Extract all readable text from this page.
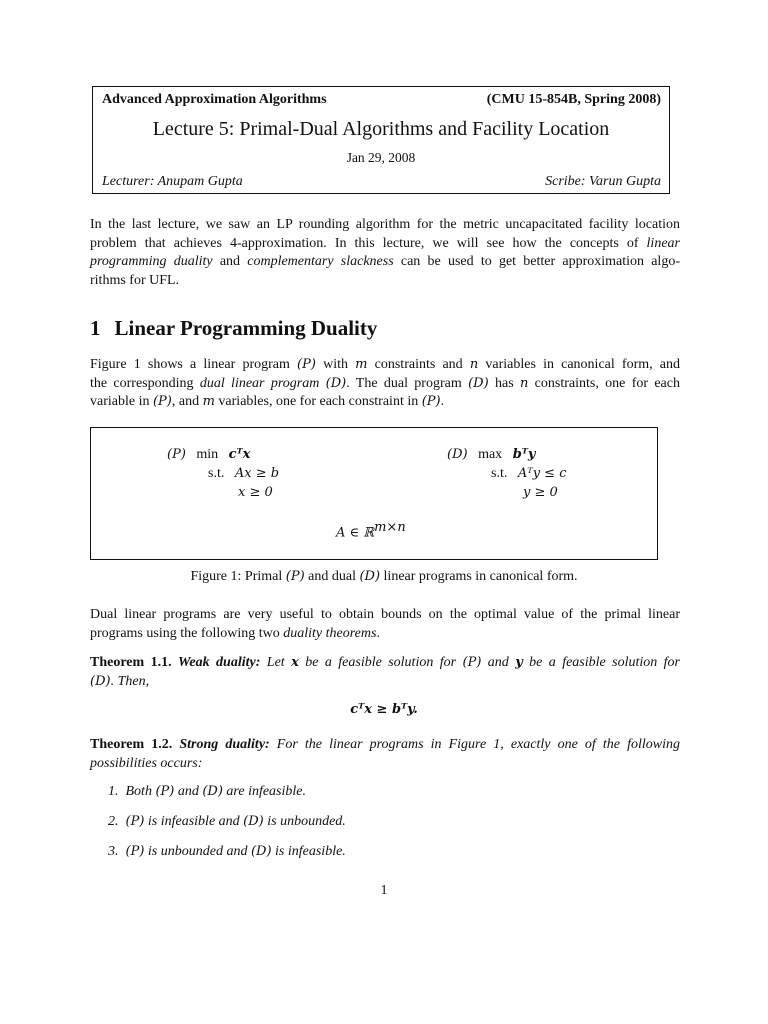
Advanced Approximation Algorithms	(CMU 15-854B, Spring 2008)
Lecture 5: Primal-Dual Algorithms and Facility Location
Jan 29, 2008
Lecturer: Anupam Gupta	Scribe: Varun Gupta
In the last lecture, we saw an LP rounding algorithm for the metric uncapacitated facility location
problem that achieves 4-approximation. In this lecture, we will see how the concepts of linear
programming duality and complementary slackness can be used to get better approximation algo-
rithms for UFL.
1 Linear Programming Duality
Figure 1 shows a linear program (P) with m constraints and n variables in canonical form, and
the corresponding dual linear program (D). The dual program (D) has n constraints, one for each
variable in (P), and m variables, one for each constraint in (P).
(P) min cᵀx
s.t. Ax ≥ b
x ≥ 0
(D) max bᵀy
s.t. Aᵀy ≤ c
y ≥ 0
A ∈ ℝ$^{m\times n}$
Figure 1: Primal (P) and dual (D) linear programs in canonical form.
Dual linear programs are very useful to obtain bounds on the optimal value of the primal linear
programs using the following two duality theorems.
Theorem 1.1. Weak duality: Let x be a feasible solution for (P) and y be a feasible solution for
(D). Then,
cᵀx ≥ bᵀy.
Theorem 1.2. Strong duality: For the linear programs in Figure 1, exactly one of the following
possibilities occurs:
1. Both (P) and (D) are infeasible.
2. (P) is infeasible and (D) is unbounded.
3. (P) is unbounded and (D) is infeasible.
1
